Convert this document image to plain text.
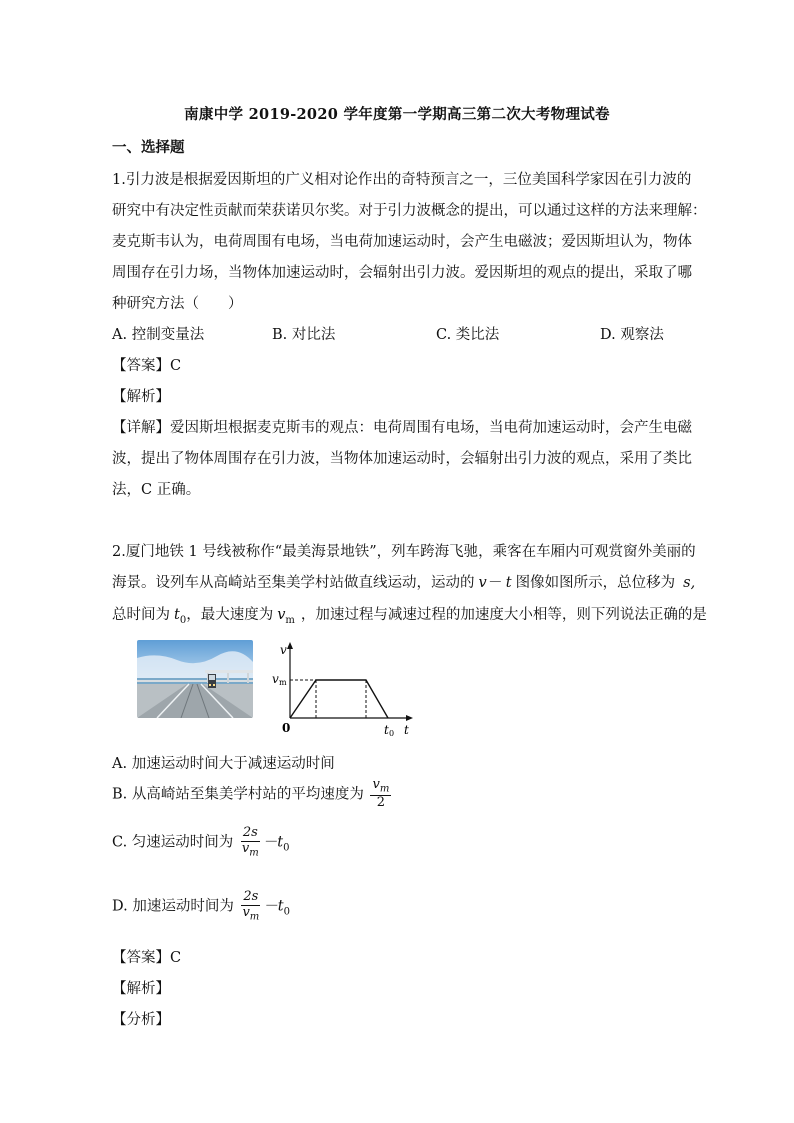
南康中学 2019-2020 学年度第一学期高三第二次大考物理试卷
一、选择题
1.引力波是根据爱因斯坦的广义相对论作出的奇特预言之一，三位美国科学家因在引力波的
研究中有决定性贡献而荣获诺贝尔奖。对于引力波概念的提出，可以通过这样的方法来理解：
麦克斯韦认为，电荷周围有电场，当电荷加速运动时，会产生电磁波；爱因斯坦认为，物体
周围存在引力场，当物体加速运动时，会辐射出引力波。爱因斯坦的观点的提出，采取了哪
种研究方法（　　）
A. 控制变量法	B. 对比法	C. 类比法	D. 观察法
【答案】C
【解析】
【详解】爱因斯坦根据麦克斯韦的观点：电荷周围有电场，当电荷加速运动时，会产生电磁
波，提出了物体周围存在引力波，当物体加速运动时，会辐射出引力波的观点，采用了类比
法，C 正确。
2.厦门地铁 1 号线被称作“最美海景地铁”，列车跨海飞驰，乘客在车厢内可观赏窗外美丽的
海景。设列车从高崎站至集美学村站做直线运动，运动的 v－ t 图像如图所示，总位移为 s,
总时间为 $t_0$，最大速度为 $v_m$ ，加速过程与减速过程的加速度大小相等，则下列说法正确的是
v
v m
0	t 0 t
A. 加速运动时间大于减速运动时间
B. 从高崎站至集美学村站的平均速度为 $\frac{v_m}{2}$
C. 匀速运动时间为 $\frac{2s}{v_m} -t_0$
D. 加速运动时间为 $\frac{2s}{v_m} -t_0$
【答案】C
【解析】
【分析】
